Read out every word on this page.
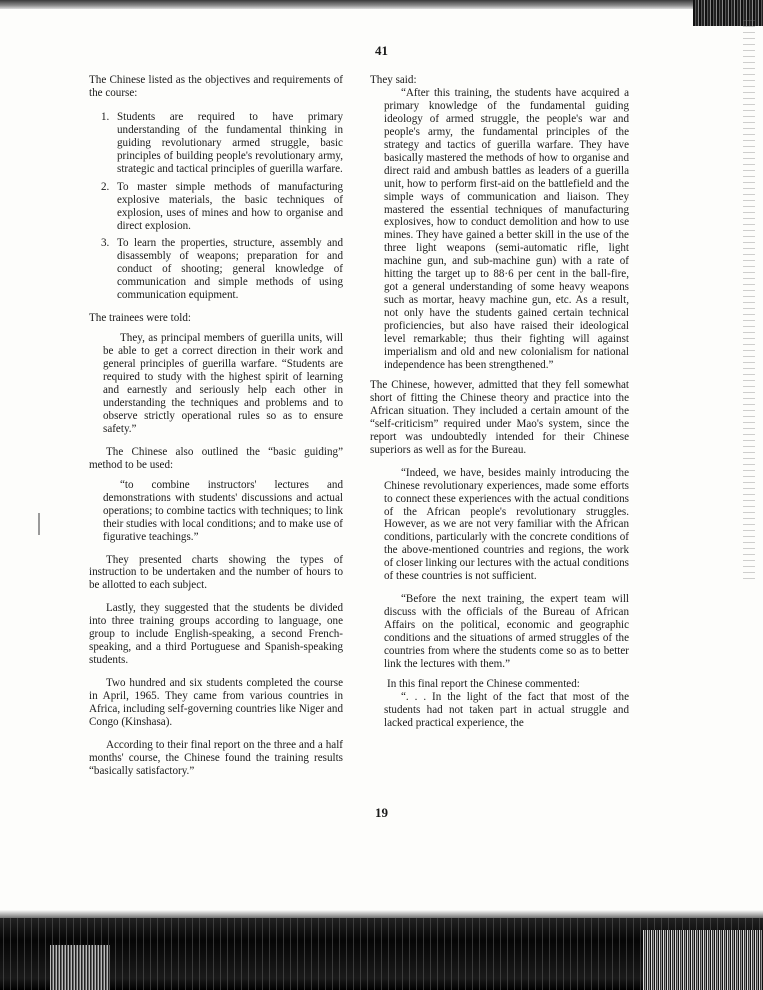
41

The Chinese listed as the objectives and requirements of the course:

1. Students are required to have primary understanding of the fundamental thinking in guiding revolutionary armed struggle, basic principles of building people's revolutionary army, strategic and tactical principles of guerilla warfare.
2. To master simple methods of manufacturing explosive materials, the basic techniques of explosion, uses of mines and how to organise and direct explosion.
3. To learn the properties, structure, assembly and disassembly of weapons; preparation for and conduct of shooting; general knowledge of communication and simple methods of using communication equipment.

The trainees were told:

They, as principal members of guerilla units, will be able to get a correct direction in their work and general principles of guerilla warfare. “Students are required to study with the highest spirit of learning and earnestly and seriously help each other in understanding the techniques and problems and to observe strictly operational rules so as to ensure safety.”

The Chinese also outlined the “basic guiding” method to be used:

“to combine instructors' lectures and demonstrations with students' discussions and actual operations; to combine tactics with techniques; to link their studies with local conditions; and to make use of figurative teachings.”

They presented charts showing the types of instruction to be undertaken and the number of hours to be allotted to each subject.

Lastly, they suggested that the students be divided into three training groups according to language, one group to include English-speaking, a second French-speaking, and a third Portuguese and Spanish-speaking students.

Two hundred and six students completed the course in April, 1965. They came from various countries in Africa, including self-governing countries like Niger and Congo (Kinshasa).

According to their final report on the three and a half months' course, the Chinese found the training results “basically satisfactory.”

They said:

“After this training, the students have acquired a primary knowledge of the fundamental guiding ideology of armed struggle, the people's war and people's army, the fundamental principles of the strategy and tactics of guerilla warfare. They have basically mastered the methods of how to organise and direct raid and ambush battles as leaders of a guerilla unit, how to perform first-aid on the battlefield and the simple ways of communication and liaison. They mastered the essential techniques of manufacturing explosives, how to conduct demolition and how to use mines. They have gained a better skill in the use of the three light weapons (semi-automatic rifle, light machine gun, and sub-machine gun) with a rate of hitting the target up to 88·6 per cent in the ball-fire, got a general understanding of some heavy weapons such as mortar, heavy machine gun, etc. As a result, not only have the students gained certain technical proficiencies, but also have raised their ideological level remarkable; thus their fighting will against imperialism and old and new colonialism for national independence has been strengthened.”

The Chinese, however, admitted that they fell somewhat short of fitting the Chinese theory and practice into the African situation. They included a certain amount of the “self-criticism” required under Mao's system, since the report was undoubtedly intended for their Chinese superiors as well as for the Bureau.

“Indeed, we have, besides mainly introducing the Chinese revolutionary experiences, made some efforts to connect these experiences with the actual conditions of the African people's revolutionary struggles. However, as we are not very familiar with the African conditions, particularly with the concrete conditions of the above-mentioned countries and regions, the work of closer linking our lectures with the actual conditions of these countries is not sufficient.

“Before the next training, the expert team will discuss with the officials of the Bureau of African Affairs on the political, economic and geographic conditions and the situations of armed struggles of the countries from where the students come so as to better link the lectures with them.”

In this final report the Chinese commented:

“. . . In the light of the fact that most of the students had not taken part in actual struggle and lacked practical experience, the

19
